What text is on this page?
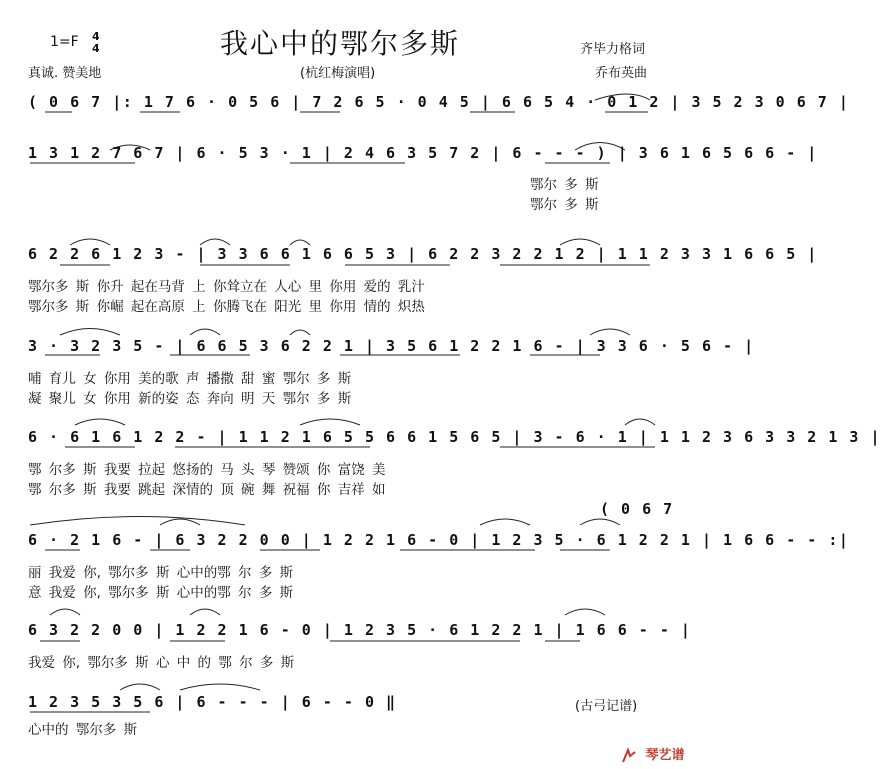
1=F 4
4
真诚. 赞美地
我心中的鄂尔多斯
(杭红梅演唱)
齐毕力格词
乔布英曲
( 0 6 7 |: 1 7 6 · 0 5 6 | 7 2 6 5 · 0 4 5 | 6 6 5 4 · 0 1 2 | 3 5 2 3 0 6 7 |
1 3 1 2 7 6 7 | 6 · 5 3 · 1 | 2 4 6 3 5 7 2 | 6 - - - ) | 3 6 1 6 5 6 6 - |
鄂尔 多 斯
鄂尔 多 斯
6 2 2 6 1 2 3 - | 3 3 6 6 1 6 6 5 3 | 6 2 2 3 2 2 1 2 | 1 1 2 3 3 1 6 6 5 |
鄂尔多 斯 你升 起在马背 上 你耸立在 人心 里 你用 爱的 乳汁
鄂尔多 斯 你崛 起在高原 上 你腾飞在 阳光 里 你用 情的 炽热
3 · 3 2 3 5 - | 6 6 5 3 6 2 2 1 | 3 5 6 1 2 2 1 6 - | 3 3 6 · 5 6 - |
哺 育儿 女 你用 美的歌 声 播撒 甜 蜜 鄂尔 多 斯
凝 聚儿 女 你用 新的姿 态 奔向 明 天 鄂尔 多 斯
6 · 6 1 6 1 2 2 - | 1 1 2 1 6 5 5 6 6 1 5 6 5 | 3 - 6 · 1 | 1 1 2 3 6 3 3 2 1 3 |
鄂 尔多 斯 我要 拉起 悠扬的 马 头 琴 赞颂 你 富饶 美
鄂 尔多 斯 我要 跳起 深情的 顶 碗 舞 祝福 你 吉祥 如
( 0 6 7
6 · 2 1 6 - | 6 3 2 2 0 0 | 1 2 2 1 6 - 0 | 1 2 3 5 · 6 1 2 2 1 | 1 6 6 - - :|
丽 我爱 你, 鄂尔多 斯 心中的鄂 尔 多 斯
意 我爱 你, 鄂尔多 斯 心中的鄂 尔 多 斯
6 3 2 2 0 0 | 1 2 2 1 6 - 0 | 1 2 3 5 · 6 1 2 2 1 | 1 6 6 - - |
我爱 你, 鄂尔多 斯 心 中 的 鄂 尔 多 斯
1 2 3 5 3 5 6 | 6 - - - | 6 - - 0 ‖
心中的 鄂尔多 斯
(古弓记谱)
琴艺谱
